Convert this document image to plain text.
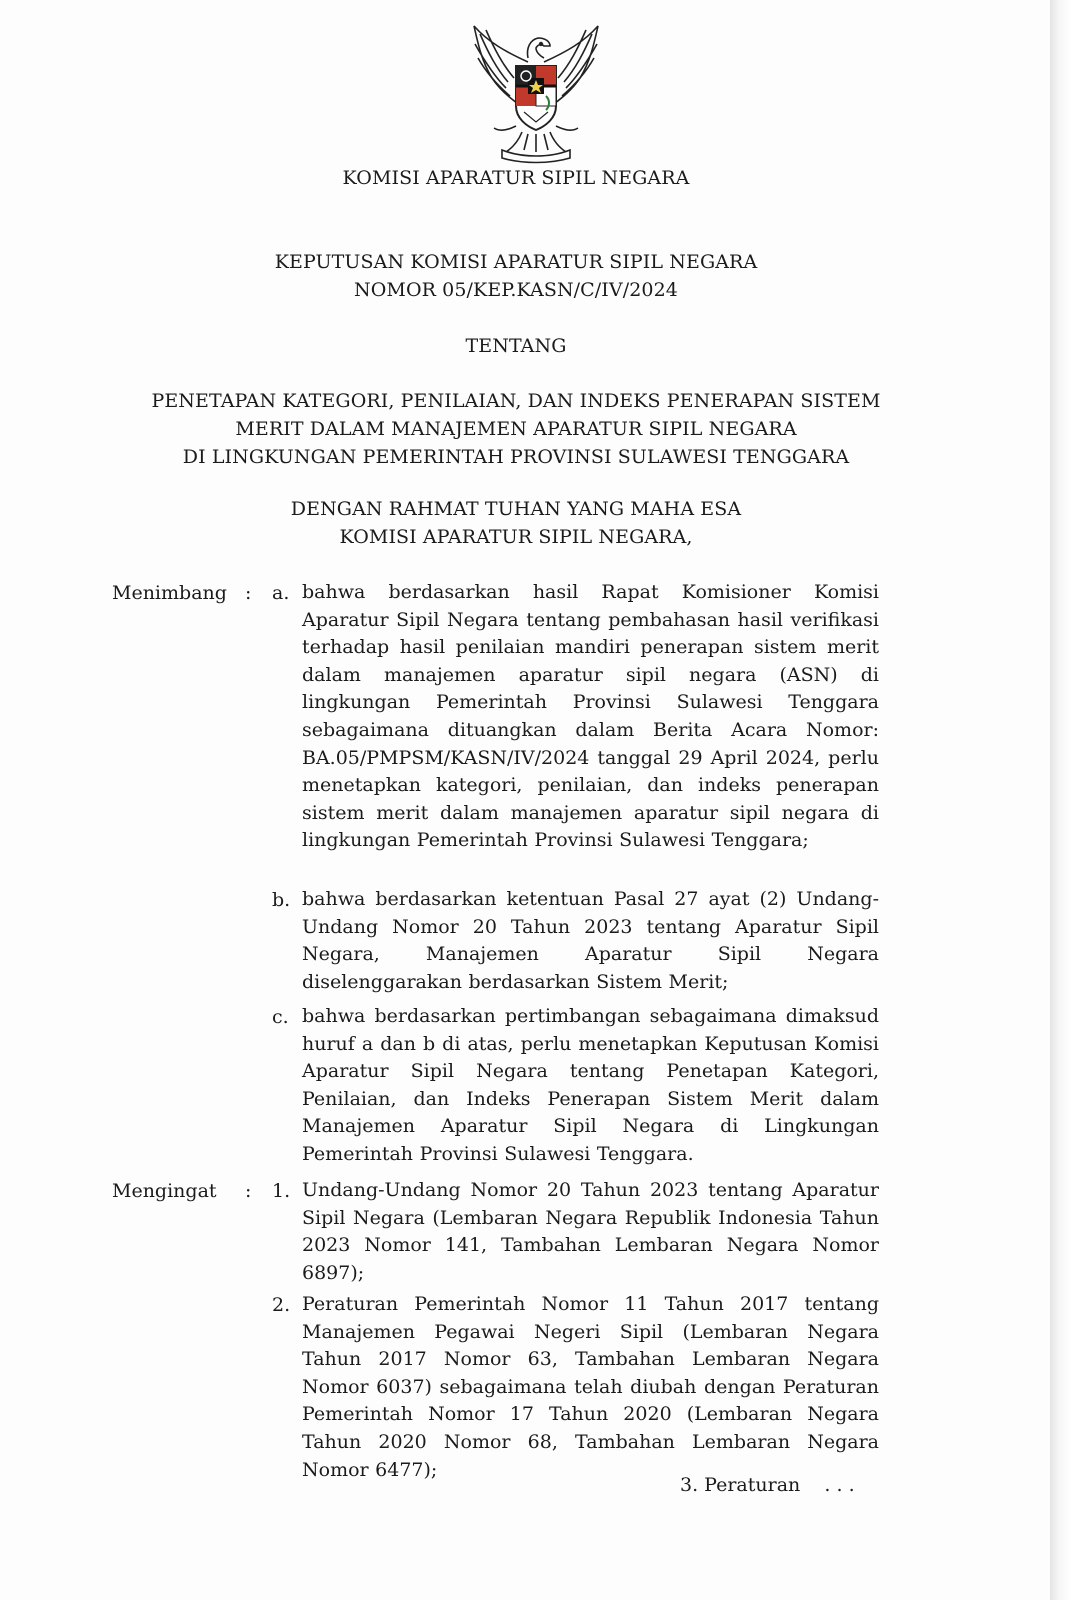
KOMISI APARATUR SIPIL NEGARA
KEPUTUSAN KOMISI APARATUR SIPIL NEGARA
NOMOR 05/KEP.KASN/C/IV/2024
TENTANG
PENETAPAN KATEGORI, PENILAIAN, DAN INDEKS PENERAPAN SISTEM
MERIT DALAM MANAJEMEN APARATUR SIPIL NEGARA
DI LINGKUNGAN PEMERINTAH PROVINSI SULAWESI TENGGARA
DENGAN RAHMAT TUHAN YANG MAHA ESA
KOMISI APARATUR SIPIL NEGARA,
Menimbang : a. bahwa berdasarkan hasil Rapat Komisioner Komisi Aparatur Sipil Negara tentang pembahasan hasil verifikasi terhadap hasil penilaian mandiri penerapan sistem merit dalam manajemen aparatur sipil negara (ASN) di lingkungan Pemerintah Provinsi Sulawesi Tenggara sebagaimana dituangkan dalam Berita Acara Nomor: BA.05/PMPSM/KASN/IV/2024 tanggal 29 April 2024, perlu menetapkan kategori, penilaian, dan indeks penerapan sistem merit dalam manajemen aparatur sipil negara di lingkungan Pemerintah Provinsi Sulawesi Tenggara;
b. bahwa berdasarkan ketentuan Pasal 27 ayat (2) Undang-Undang Nomor 20 Tahun 2023 tentang Aparatur Sipil Negara, Manajemen Aparatur Sipil Negara diselenggarakan berdasarkan Sistem Merit;
c. bahwa berdasarkan pertimbangan sebagaimana dimaksud huruf a dan b di atas, perlu menetapkan Keputusan Komisi Aparatur Sipil Negara tentang Penetapan Kategori, Penilaian, dan Indeks Penerapan Sistem Merit dalam Manajemen Aparatur Sipil Negara di Lingkungan Pemerintah Provinsi Sulawesi Tenggara.
Mengingat : 1. Undang-Undang Nomor 20 Tahun 2023 tentang Aparatur Sipil Negara (Lembaran Negara Republik Indonesia Tahun 2023 Nomor 141, Tambahan Lembaran Negara Nomor 6897);
2. Peraturan Pemerintah Nomor 11 Tahun 2017 tentang Manajemen Pegawai Negeri Sipil (Lembaran Negara Tahun 2017 Nomor 63, Tambahan Lembaran Negara Nomor 6037) sebagaimana telah diubah dengan Peraturan Pemerintah Nomor 17 Tahun 2020 (Lembaran Negara Tahun 2020 Nomor 68, Tambahan Lembaran Negara Nomor 6477);
3. Peraturan    . . .
